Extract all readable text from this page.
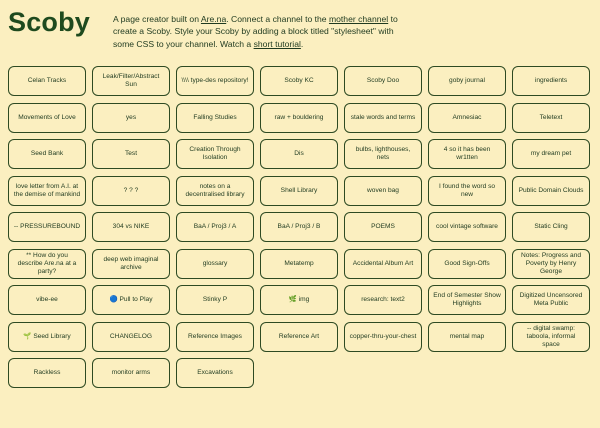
Scoby	A page creator built on Are.na. Connect a channel to the mother channel to create a Scoby. Style your Scoby by adding a block titled "stylesheet" with some CSS to your channel. Watch a short tutorial.
Celan Tracks
Leak/Filter/Abstract Sun
\\\\ type-des repository!	Scoby KC	Scoby Doo	goby journal	ingredients
Movements of Love	yes	Falling Studies	raw + bouldering	stale words and terms	Amnesiac	Teletext
Seed Bank	Test
Creation Through Isolation
Dis
bulbs, lighthouses, nets
4 so it has been wr1tten
my dream pet
love letter from A.I. at the demise of mankind
? ? ?
notes on a decentralised library
Shell Library	woven bag
I found the word so new
Public Domain Clouds
-- PRESSUREBOUND	304 vs NIKE	BaA / Proj3 / A	BaA / Proj3 / B	POEMS	cool vintage software	Static Cling
** How do you describe Are.na at a party?
deep web imaginal archive
glossary	Metatemp	Accidental Album Art	Good Sign-Offs
Notes: Progress and Poverty by Henry George
vibe-ee	🔵 Pull to Play	Stinky P	🌿 img	research: text2
End of Semester Show Highlights
Digitized Uncensored Meta Public
🌱 Seed Library	CHANGELOG	Reference Images	Reference Art	copper-thru-your-chest	mental map
-- digital swamp: taboola, informal space
Rackless	monitor arms	Excavations
